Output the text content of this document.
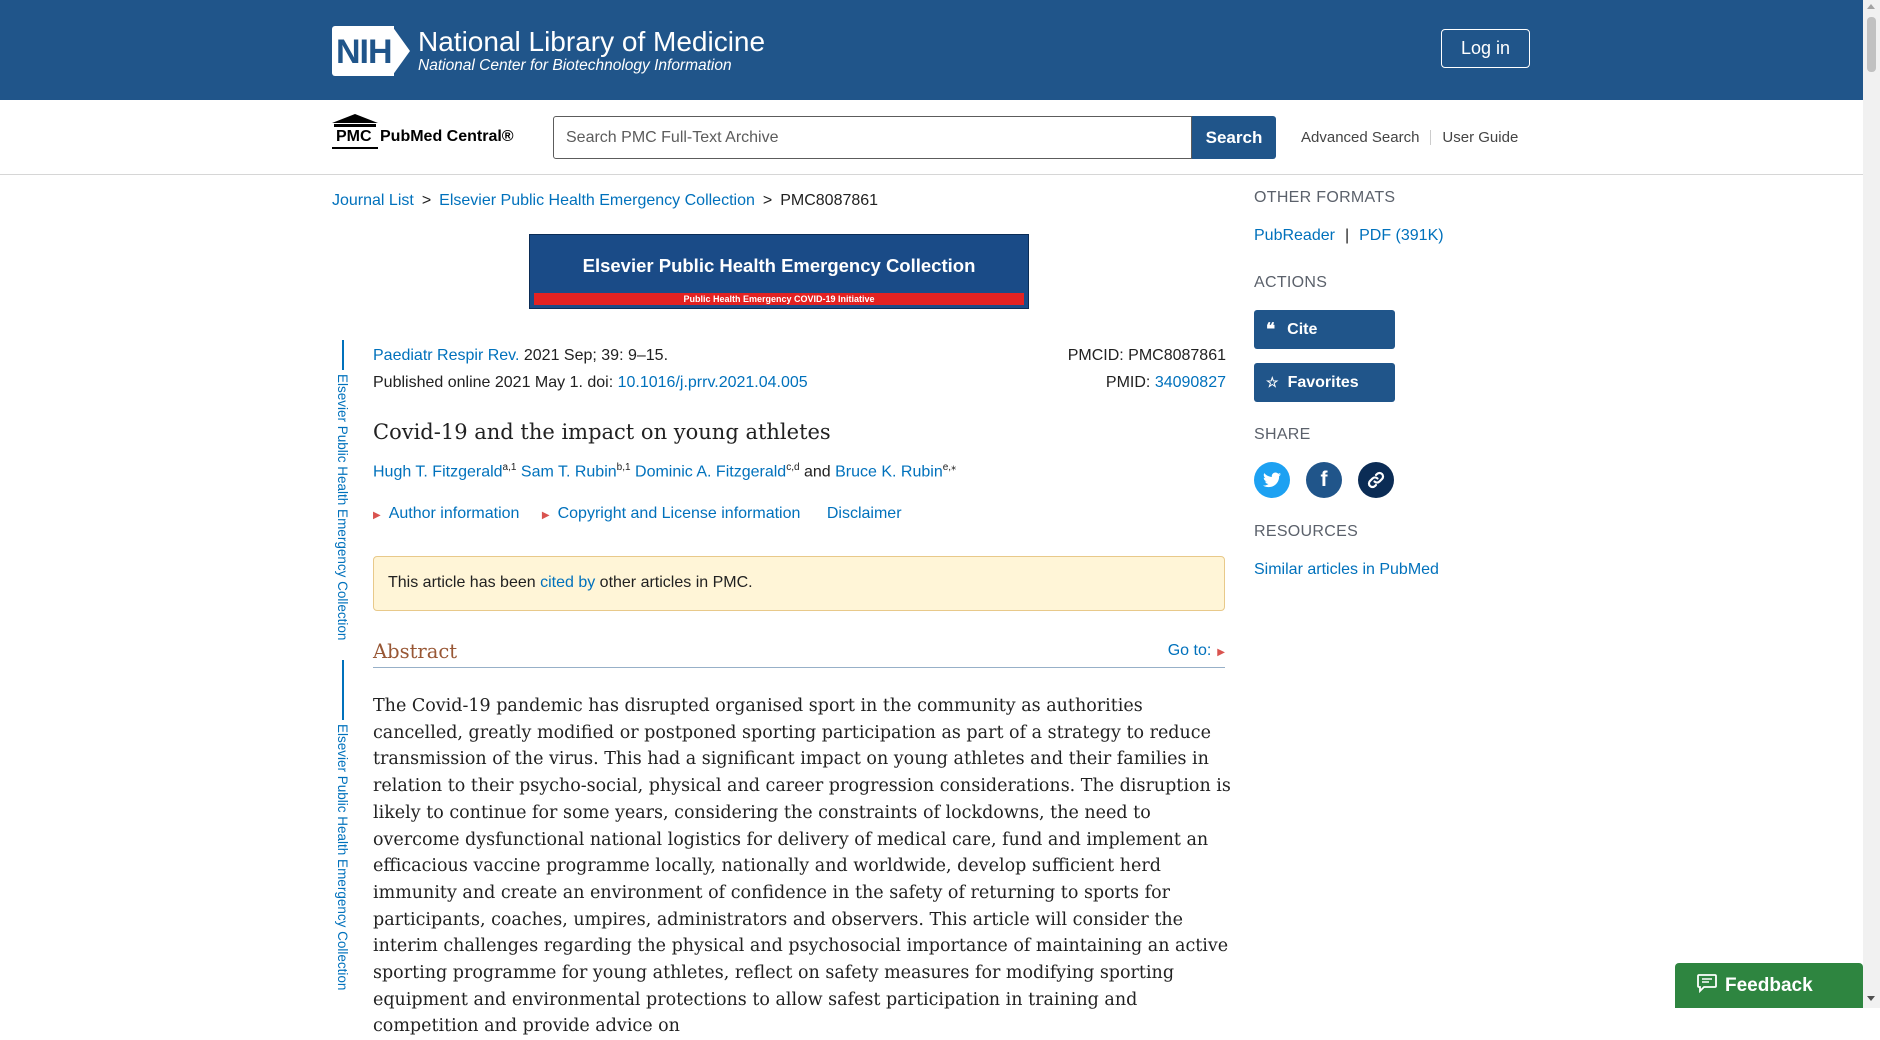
NIH National Library of Medicine
National Center for Biotechnology Information
Log in
PMC PubMed Central®
Search PMC Full-Text Archive	Search	Advanced Search User Guide
Journal List > Elsevier Public Health Emergency Collection > PMC8087861
Elsevier Public Health Emergency Collection
Public Health Emergency COVID-19 Initiative
Elsevier Public Health Emergency Collection
Elsevier Public Health Emergency Collection
Paediatr Respir Rev. 2021 Sep; 39: 9–15.
Published online 2021 May 1. doi: 10.1016/j.prrv.2021.04.005
PMCID: PMC8087861
PMID: 34090827
Covid-19 and the impact on young athletes
Hugh T. Fitzgerald$^{a,1}$ Sam T. Rubin$^{b,1}$ Dominic A. Fitzgerald$^{c,d}$ and Bruce K. Rubin$^{e,⁎}$
▶ Author information ▶ Copyright and License information Disclaimer
This article has been cited by other articles in PMC.
Abstract	Go to: ▶

The Covid-19 pandemic has disrupted organised sport in the community as authorities cancelled, greatly modified or postponed sporting participation as part of a strategy to reduce transmission of the virus. This had a significant impact on young athletes and their families in relation to their psycho-social, physical and career progression considerations. The disruption is likely to continue for some years, considering the constraints of lockdowns, the need to overcome dysfunctional national logistics for delivery of medical care, fund and implement an efficacious vaccine programme locally, nationally and worldwide, develop sufficient herd immunity and create an environment of confidence in the safety of returning to sports for participants, coaches, umpires, administrators and observers. This article will consider the interim challenges regarding the physical and psychosocial importance of maintaining an active sporting programme for young athletes, reflect on safety measures for modifying sporting equipment and environmental protections to allow safest participation in training and competition and provide advice on

OTHER FORMATS
PubReader | PDF (391K)
ACTIONS
❝ Cite
☆ Favorites
SHARE
f
RESOURCES
Similar articles in PubMed
Feedback
